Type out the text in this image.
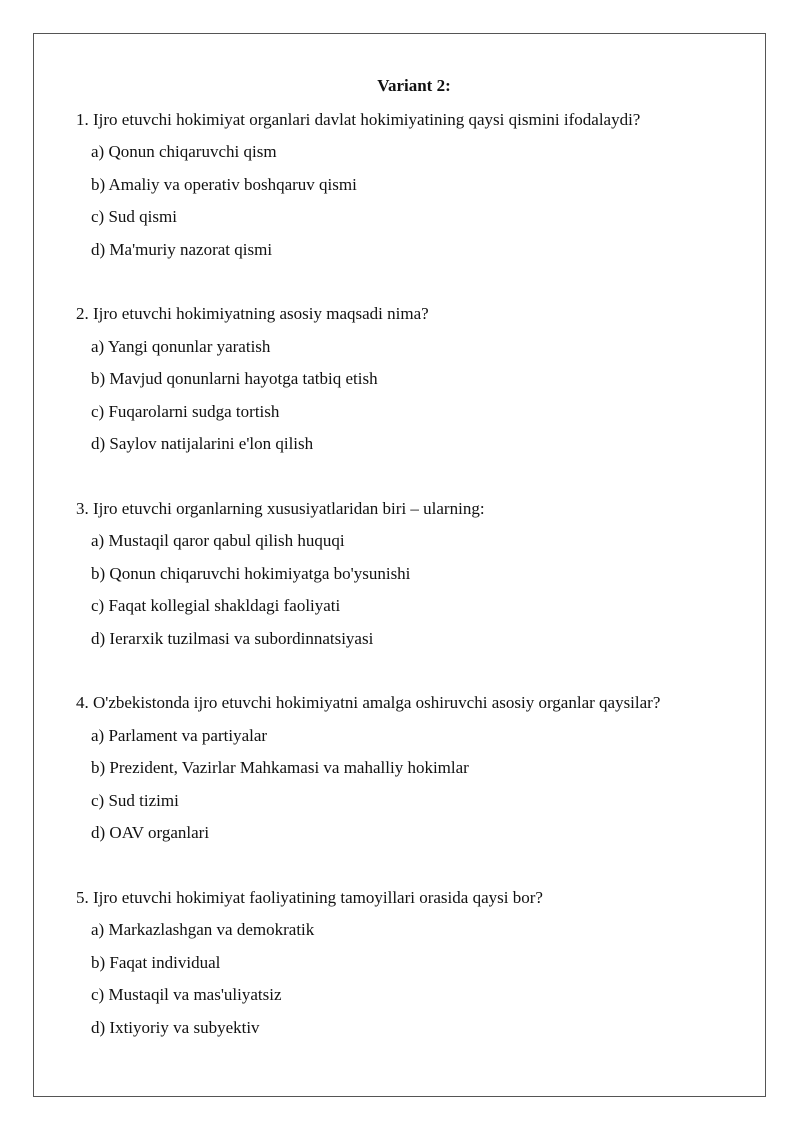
Variant 2:
1. Ijro etuvchi hokimiyat organlari davlat hokimiyatining qaysi qismini ifodalaydi?
a) Qonun chiqaruvchi qism
b) Amaliy va operativ boshqaruv qismi
c) Sud qismi
d) Ma'muriy nazorat qismi
2. Ijro etuvchi hokimiyatning asosiy maqsadi nima?
a) Yangi qonunlar yaratish
b) Mavjud qonunlarni hayotga tatbiq etish
c) Fuqarolarni sudga tortish
d) Saylov natijalarini e'lon qilish
3. Ijro etuvchi organlarning xususiyatlaridan biri – ularning:
a) Mustaqil qaror qabul qilish huquqi
b) Qonun chiqaruvchi hokimiyatga bo'ysunishi
c) Faqat kollegial shakldagi faoliyati
d) Ierarxik tuzilmasi va subordinnatsiyasi
4. O'zbekistonda ijro etuvchi hokimiyatni amalga oshiruvchi asosiy organlar qaysilar?
a) Parlament va partiyalar
b) Prezident, Vazirlar Mahkamasi va mahalliy hokimlar
c) Sud tizimi
d) OAV organlari
5. Ijro etuvchi hokimiyat faoliyatining tamoyillari orasida qaysi bor?
a) Markazlashgan va demokratik
b) Faqat individual
c) Mustaqil va mas'uliyatsiz
d) Ixtiyoriy va subyektiv
